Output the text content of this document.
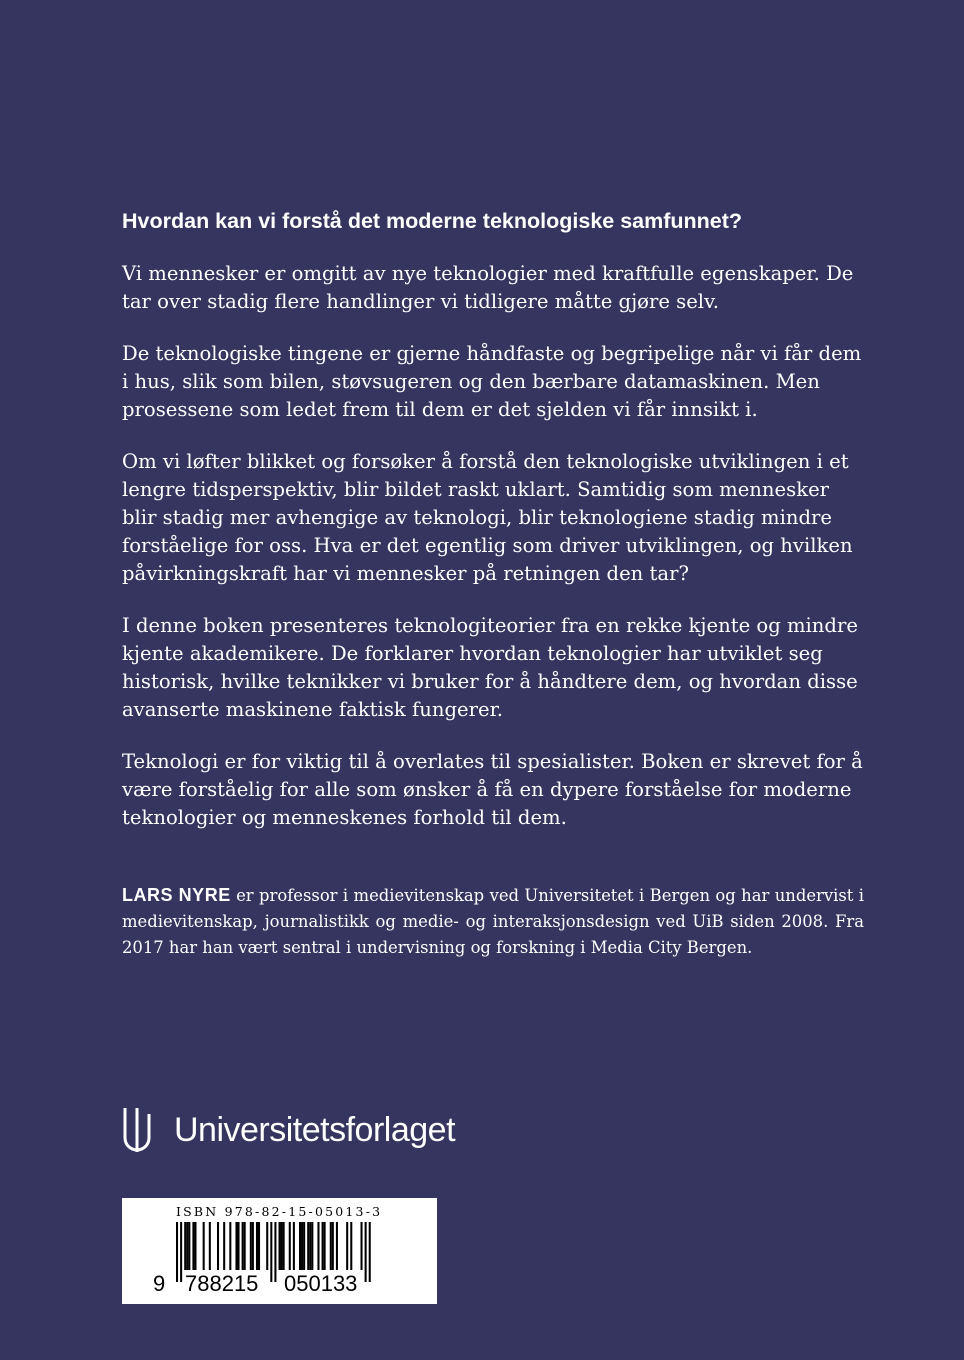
Hvordan kan vi forstå det moderne teknologiske samfunnet?

Vi mennesker er omgitt av nye teknologier med kraftfulle egenskaper. De tar over stadig flere handlinger vi tidligere måtte gjøre selv.

De teknologiske tingene er gjerne håndfaste og begripelige når vi får dem i hus, slik som bilen, støvsugeren og den bærbare datamaskinen. Men prosessene som ledet frem til dem er det sjelden vi får innsikt i.

Om vi løfter blikket og forsøker å forstå den teknologiske utviklingen i et lengre tidsperspektiv, blir bildet raskt uklart. Samtidig som mennesker blir stadig mer avhengige av teknologi, blir teknologiene stadig mindre forståelige for oss. Hva er det egentlig som driver utviklingen, og hvilken påvirkningskraft har vi mennesker på retningen den tar?

I denne boken presenteres teknologiteorier fra en rekke kjente og mindre kjente akademikere. De forklarer hvordan teknologier har utviklet seg historisk, hvilke teknikker vi bruker for å håndtere dem, og hvordan disse avanserte maskinene faktisk fungerer.

Teknologi er for viktig til å overlates til spesialister. Boken er skrevet for å være forståelig for alle som ønsker å få en dypere forståelse for moderne teknologier og menneskenes forhold til dem.

LARS NYRE er professor i medievitenskap ved Universitetet i Bergen og har undervist i medievitenskap, journalistikk og medie- og interaksjonsdesign ved UiB siden 2008. Fra 2017 har han vært sentral i undervisning og forskning i Media City Bergen.
Universitetsforlaget
ISBN 978-82-15-05013-3
9 788215 050133
